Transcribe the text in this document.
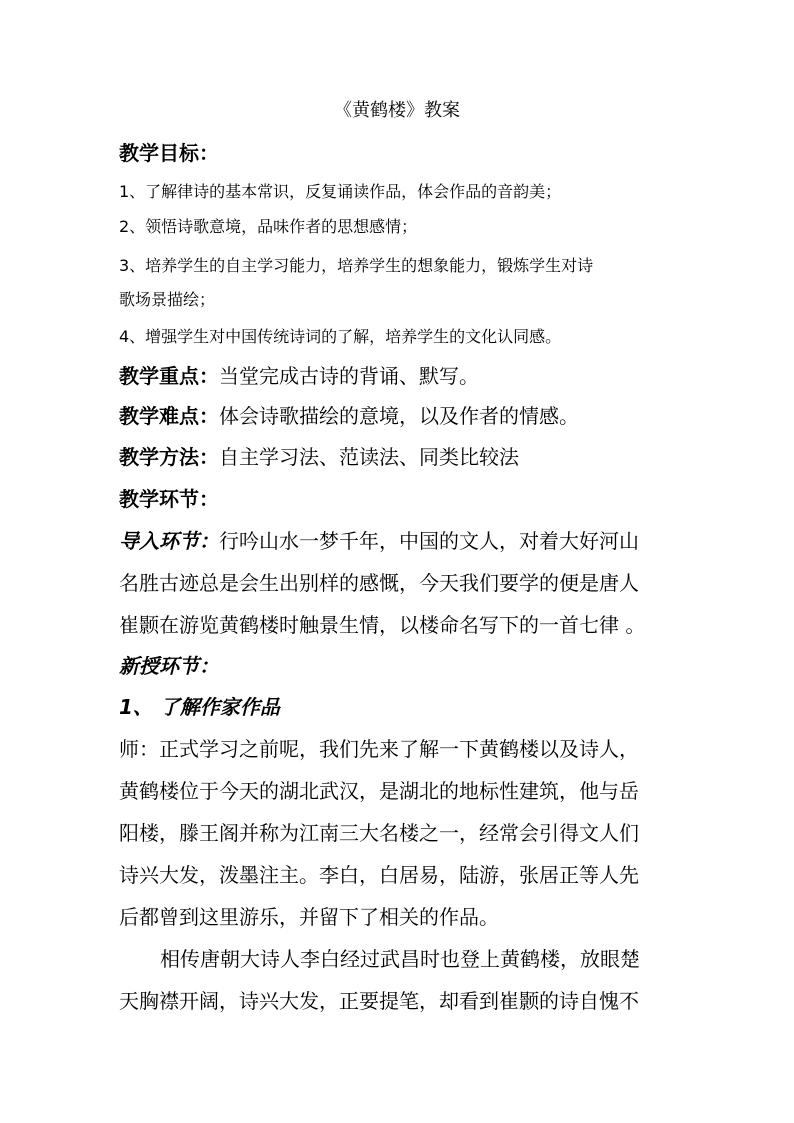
《黄鹤楼》教案
教学目标：
1、了解律诗的基本常识，反复诵读作品，体会作品的音韵美；
2、领悟诗歌意境，品味作者的思想感情；
3、培养学生的自主学习能力，培养学生的想象能力，锻炼学生对诗
歌场景描绘；
4、增强学生对中国传统诗词的了解，培养学生的文化认同感。
教学重点：当堂完成古诗的背诵、默写。
教学难点：体会诗歌描绘的意境，以及作者的情感。
教学方法：自主学习法、范读法、同类比较法
教学环节：
导入环节：行吟山水一梦千年，中国的文人，对着大好河山
名胜古迹总是会生出别样的感慨，今天我们要学的便是唐人
崔颢在游览黄鹤楼时触景生情，以楼命名写下的一首七律 。
新授环节：
1、 了解作家作品
师：正式学习之前呢，我们先来了解一下黄鹤楼以及诗人，
黄鹤楼位于今天的湖北武汉，是湖北的地标性建筑，他与岳
阳楼，滕王阁并称为江南三大名楼之一，经常会引得文人们
诗兴大发，泼墨注主。李白，白居易，陆游，张居正等人先
后都曾到这里游乐，并留下了相关的作品。
相传唐朝大诗人李白经过武昌时也登上黄鹤楼，放眼楚
天胸襟开阔，诗兴大发，正要提笔，却看到崔颢的诗自愧不
